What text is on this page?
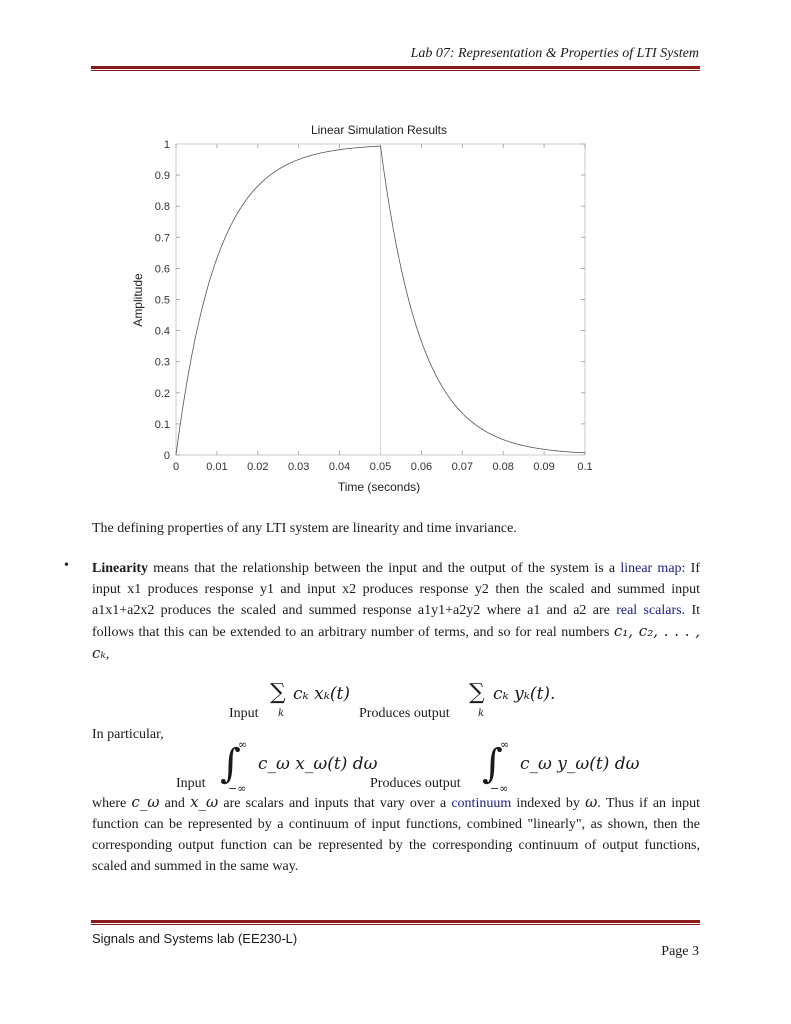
Lab 07: Representation & Properties of LTI System
Linear Simulation Results
0
0.1
0.2
0.3
0.4
0.5
0.6
0.7
0.8
0.9
1
0 0.01 0.02 0.03 0.04 0.05 0.06 0.07 0.08 0.09 0.1
Time (seconds)
Amplitude
The defining properties of any LTI system are linearity and time invariance.
• Linearity means that the relationship between the input and the output of the system is a linear map: If input x1 produces response y1 and input x2 produces response y2 then the scaled and summed input a1x1+a2x2 produces the scaled and summed response a1y1+a2y2 where a1 and a2 are real scalars. It follows that this can be extended to an arbitrary number of terms, and so for real numbers c₁, c₂, . . . , cₖ,
Input
∑
k
cₖ xₖ(t)
Produces output
∑
k
cₖ yₖ(t).
In particular,
Input ∫
∞
−∞
c_ω x_ω(t) dω
Produces output ∫
∞
−∞
c_ω y_ω(t) dω
where c_ω and x_ω are scalars and inputs that vary over a continuum indexed by ω. Thus if an input function can be represented by a continuum of input functions, combined "linearly", as shown, then the corresponding output function can be represented by the corresponding continuum of output functions, scaled and summed in the same way.
Signals and Systems lab (EE230-L)
Page 3
